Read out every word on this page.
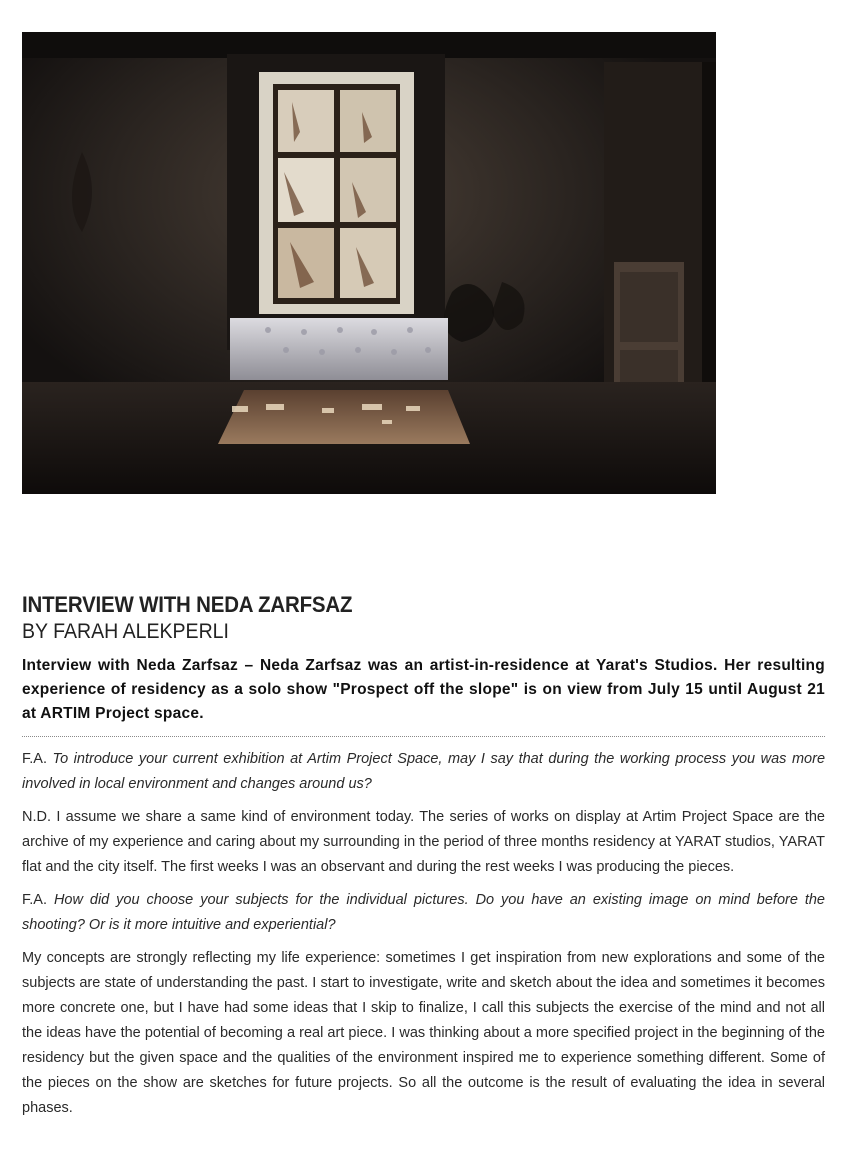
INTERVIEW WITH NEDA ZARFSAZ
BY FARAH ALEKPERLI
Interview with Neda Zarfsaz – Neda Zarfsaz was an artist-in-residence at Yarat's Studios. Her resulting experience of residency as a solo show "Prospect off the slope" is on view from July 15 until August 21 at ARTIM Project space.

F.A. To introduce your current exhibition at Artim Project Space, may I say that during the working process you was more involved in local environment and changes around us?

N.D. I assume we share a same kind of environment today. The series of works on display at Artim Project Space are the archive of my experience and caring about my surrounding in the period of three months residency at YARAT studios, YARAT flat and the city itself. The first weeks I was an observant and during the rest weeks I was producing the pieces.

F.A. How did you choose your subjects for the individual pictures. Do you have an existing image on mind before the shooting? Or is it more intuitive and experiential?

My concepts are strongly reflecting my life experience: sometimes I get inspiration from new explorations and some of the subjects are state of understanding the past. I start to investigate, write and sketch about the idea and sometimes it becomes more concrete one, but I have had some ideas that I skip to finalize, I call this subjects the exercise of the mind and not all the ideas have the potential of becoming a real art piece. I was thinking about a more specified project in the beginning of the residency but the given space and the qualities of the environment inspired me to experience something different. Some of the pieces on the show are sketches for future projects. So all the outcome is the result of evaluating the idea in several phases.
